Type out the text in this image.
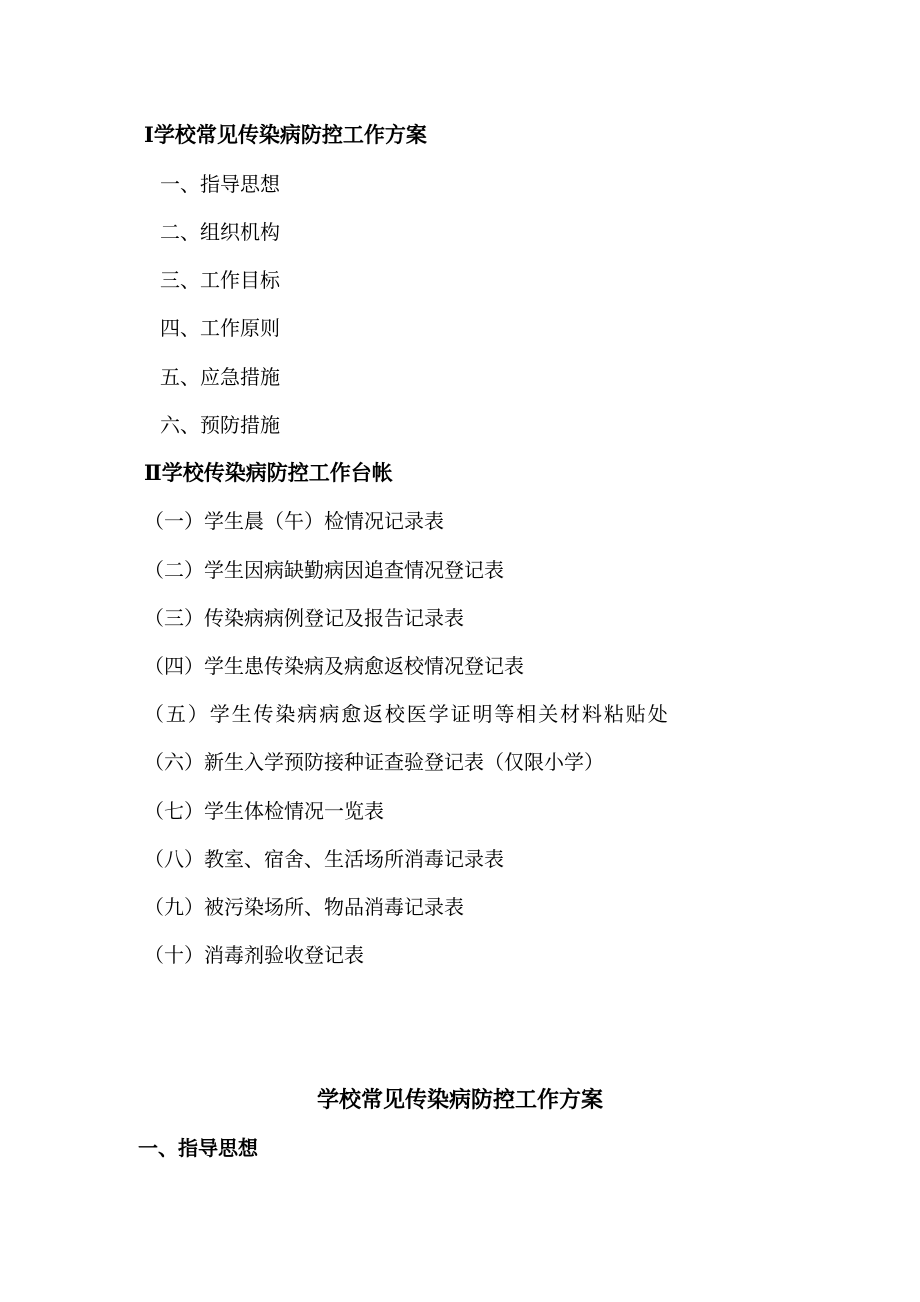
Ⅰ学校常见传染病防控工作方案
一、指导思想
二、组织机构
三、工作目标
四、工作原则
五、应急措施
六、预防措施
Ⅱ学校传染病防控工作台帐
（一）学生晨（午）检情况记录表
（二）学生因病缺勤病因追查情况登记表
（三）传染病病例登记及报告记录表
（四）学生患传染病及病愈返校情况登记表
（五）学生传染病病愈返校医学证明等相关材料粘贴处
（六）新生入学预防接种证查验登记表（仅限小学）
（七）学生体检情况一览表
（八）教室、宿舍、生活场所消毒记录表
（九）被污染场所、物品消毒记录表
（十）消毒剂验收登记表
学校常见传染病防控工作方案
一、指导思想
